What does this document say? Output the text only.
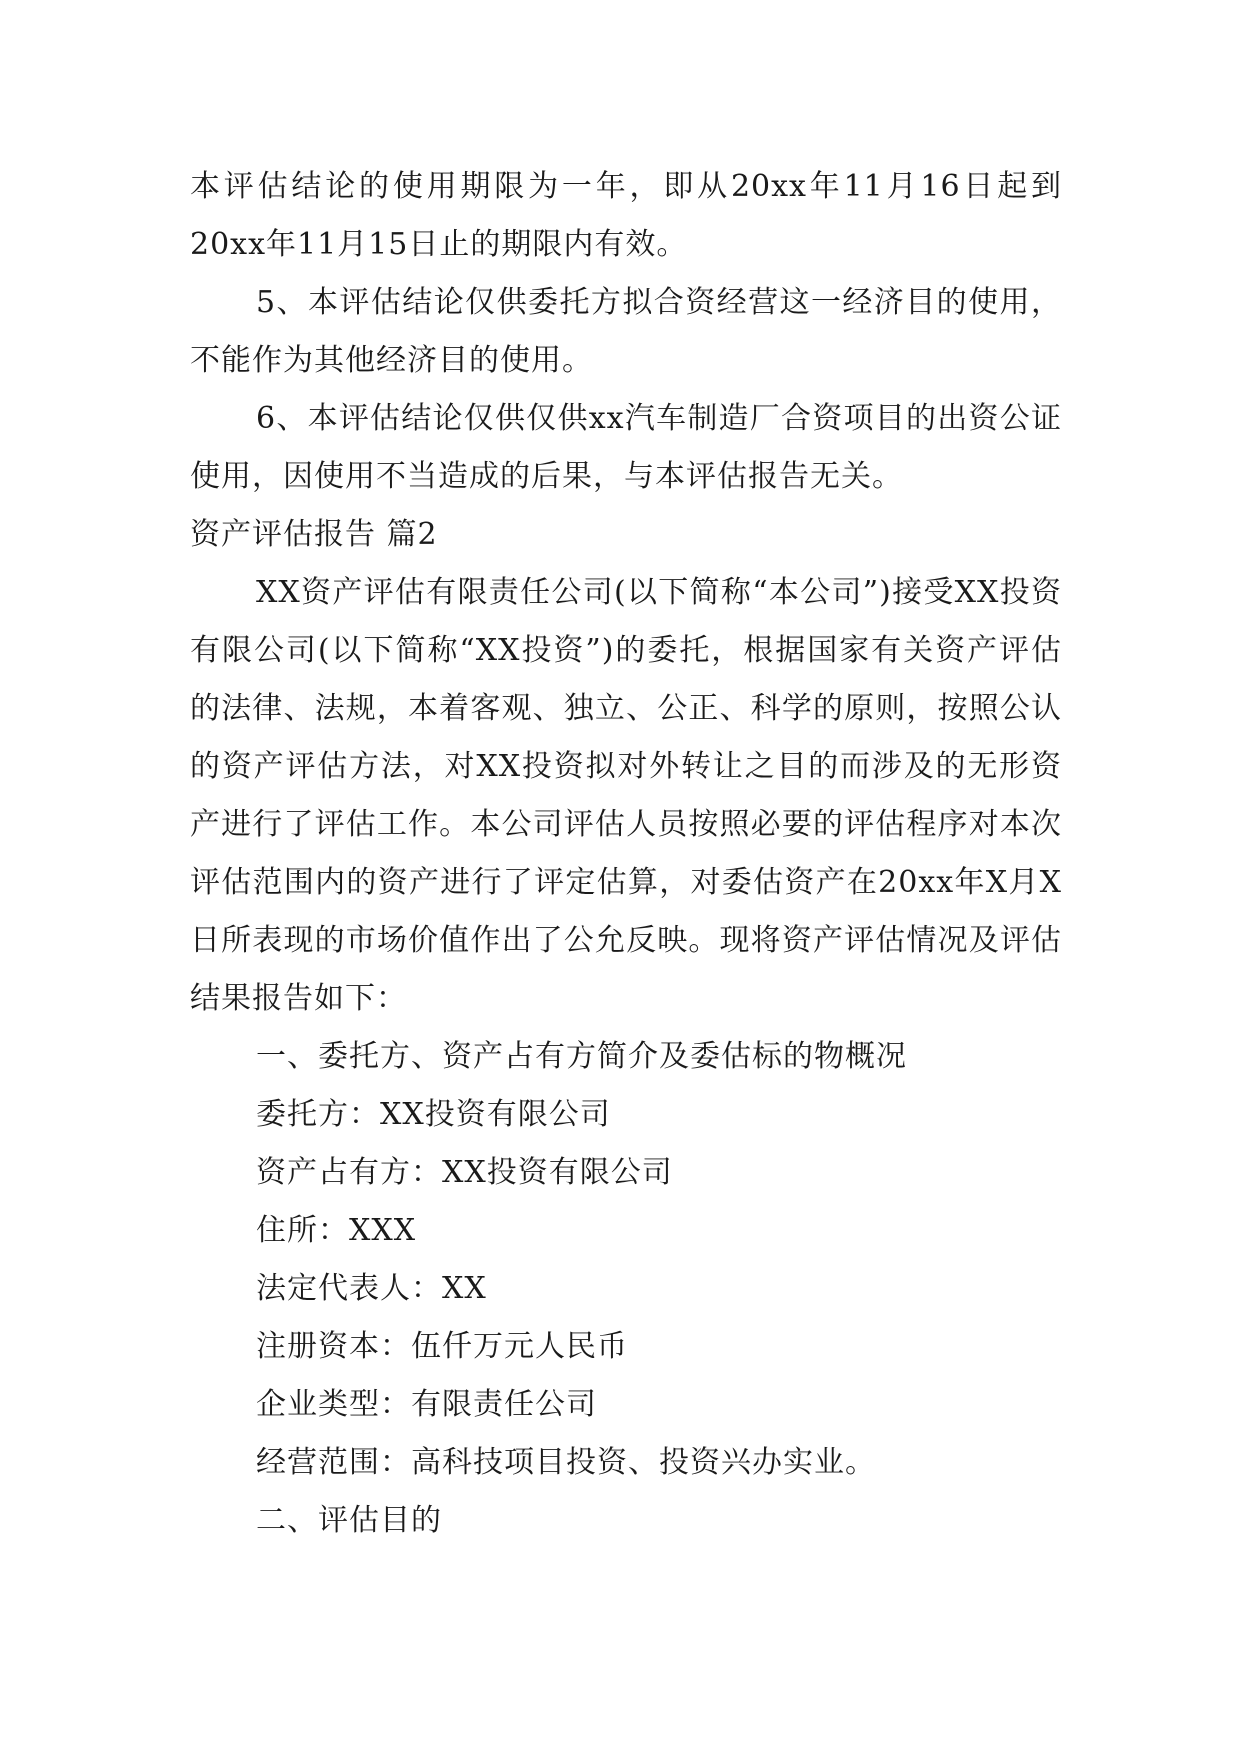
本评估结论的使用期限为一年，即从20xx年11月16日起到20xx年11月15日止的期限内有效。

5、本评估结论仅供委托方拟合资经营这一经济目的使用，不能作为其他经济目的使用。

6、本评估结论仅供仅供xx汽车制造厂合资项目的出资公证使用，因使用不当造成的后果，与本评估报告无关。

资产评估报告 篇2

XX资产评估有限责任公司(以下简称“本公司”)接受XX投资有限公司(以下简称“XX投资”)的委托，根据国家有关资产评估的法律、法规，本着客观、独立、公正、科学的原则，按照公认的资产评估方法，对XX投资拟对外转让之目的而涉及的无形资产进行了评估工作。本公司评估人员按照必要的评估程序对本次评估范围内的资产进行了评定估算，对委估资产在20xx年X月X日所表现的市场价值作出了公允反映。现将资产评估情况及评估结果报告如下：

一、委托方、资产占有方简介及委估标的物概况

委托方：XX投资有限公司

资产占有方：XX投资有限公司

住所：XXX

法定代表人：XX

注册资本：伍仟万元人民币

企业类型：有限责任公司

经营范围：高科技项目投资、投资兴办实业。

二、评估目的
